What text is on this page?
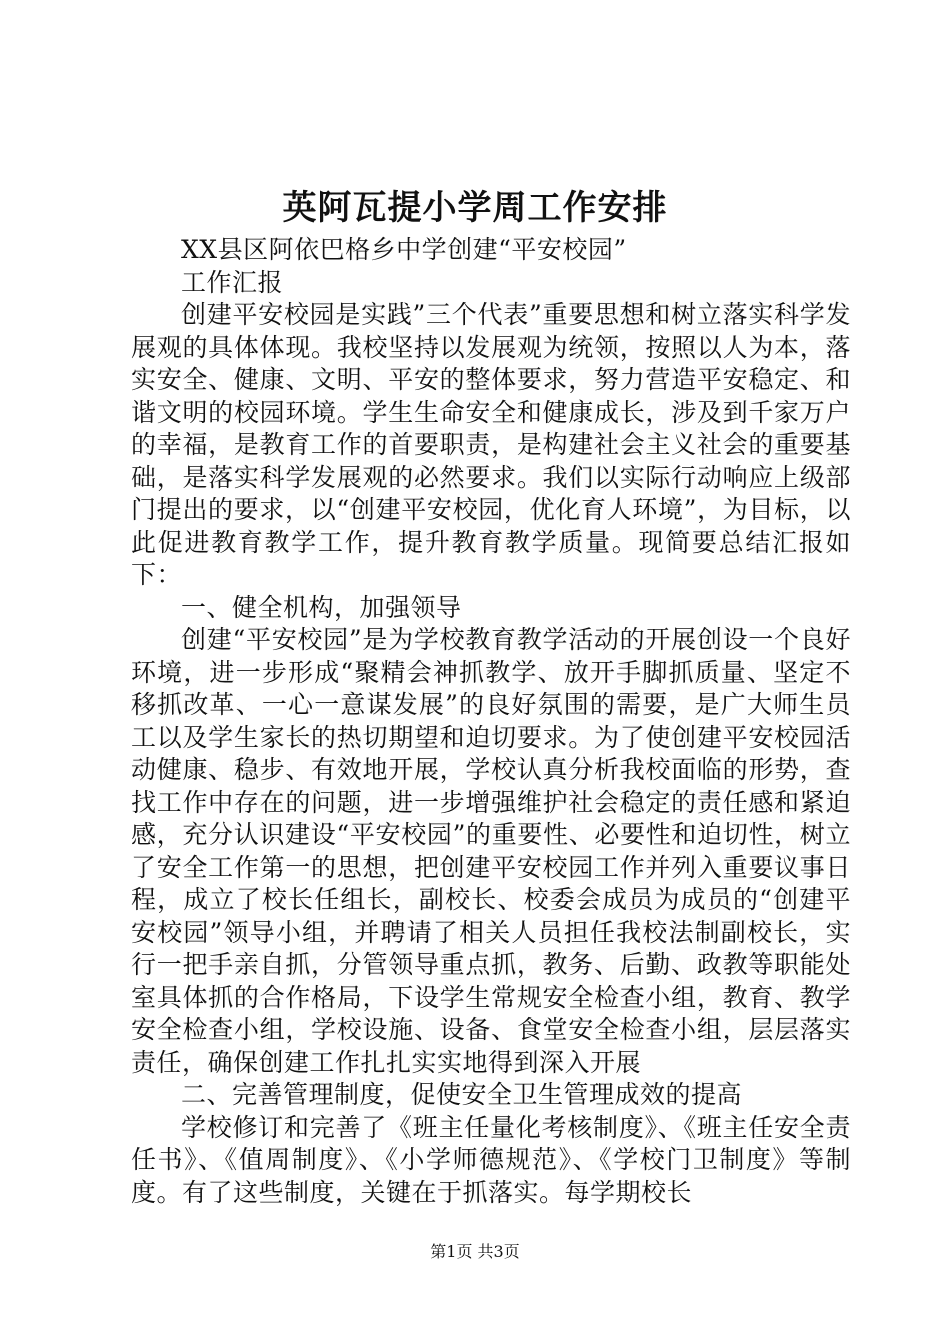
英阿瓦提小学周工作安排

XX县区阿依巴格乡中学创建“平安校园”

工作汇报

创建平安校园是实践”三个代表”重要思想和树立落实科学发展观的具体体现。我校坚持以发展观为统领，按照以人为本，落实安全、健康、文明、平安的整体要求，努力营造平安稳定、和谐文明的校园环境。学生生命安全和健康成长，涉及到千家万户的幸福，是教育工作的首要职责，是构建社会主义社会的重要基础，是落实科学发展观的必然要求。我们以实际行动响应上级部门提出的要求，以“创建平安校园，优化育人环境”，为目标，以此促进教育教学工作，提升教育教学质量。现简要总结汇报如下：

一、健全机构，加强领导

创建“平安校园”是为学校教育教学活动的开展创设一个良好环境，进一步形成“聚精会神抓教学、放开手脚抓质量、坚定不移抓改革、一心一意谋发展”的良好氛围的需要，是广大师生员工以及学生家长的热切期望和迫切要求。为了使创建平安校园活动健康、稳步、有效地开展，学校认真分析我校面临的形势，查找工作中存在的问题，进一步增强维护社会稳定的责任感和紧迫感，充分认识建设“平安校园”的重要性、必要性和迫切性，树立了安全工作第一的思想，把创建平安校园工作并列入重要议事日程，成立了校长任组长，副校长、校委会成员为成员的“创建平安校园”领导小组，并聘请了相关人员担任我校法制副校长，实行一把手亲自抓，分管领导重点抓，教务、后勤、政教等职能处室具体抓的合作格局，下设学生常规安全检查小组，教育、教学安全检查小组，学校设施、设备、食堂安全检查小组，层层落实责任，确保创建工作扎扎实实地得到深入开展

二、完善管理制度，促使安全卫生管理成效的提高

学校修订和完善了《班主任量化考核制度》、《班主任安全责任书》、《值周制度》、《小学师德规范》、《学校门卫制度》等制度。有了这些制度，关键在于抓落实。每学期校长

第1页 共3页
